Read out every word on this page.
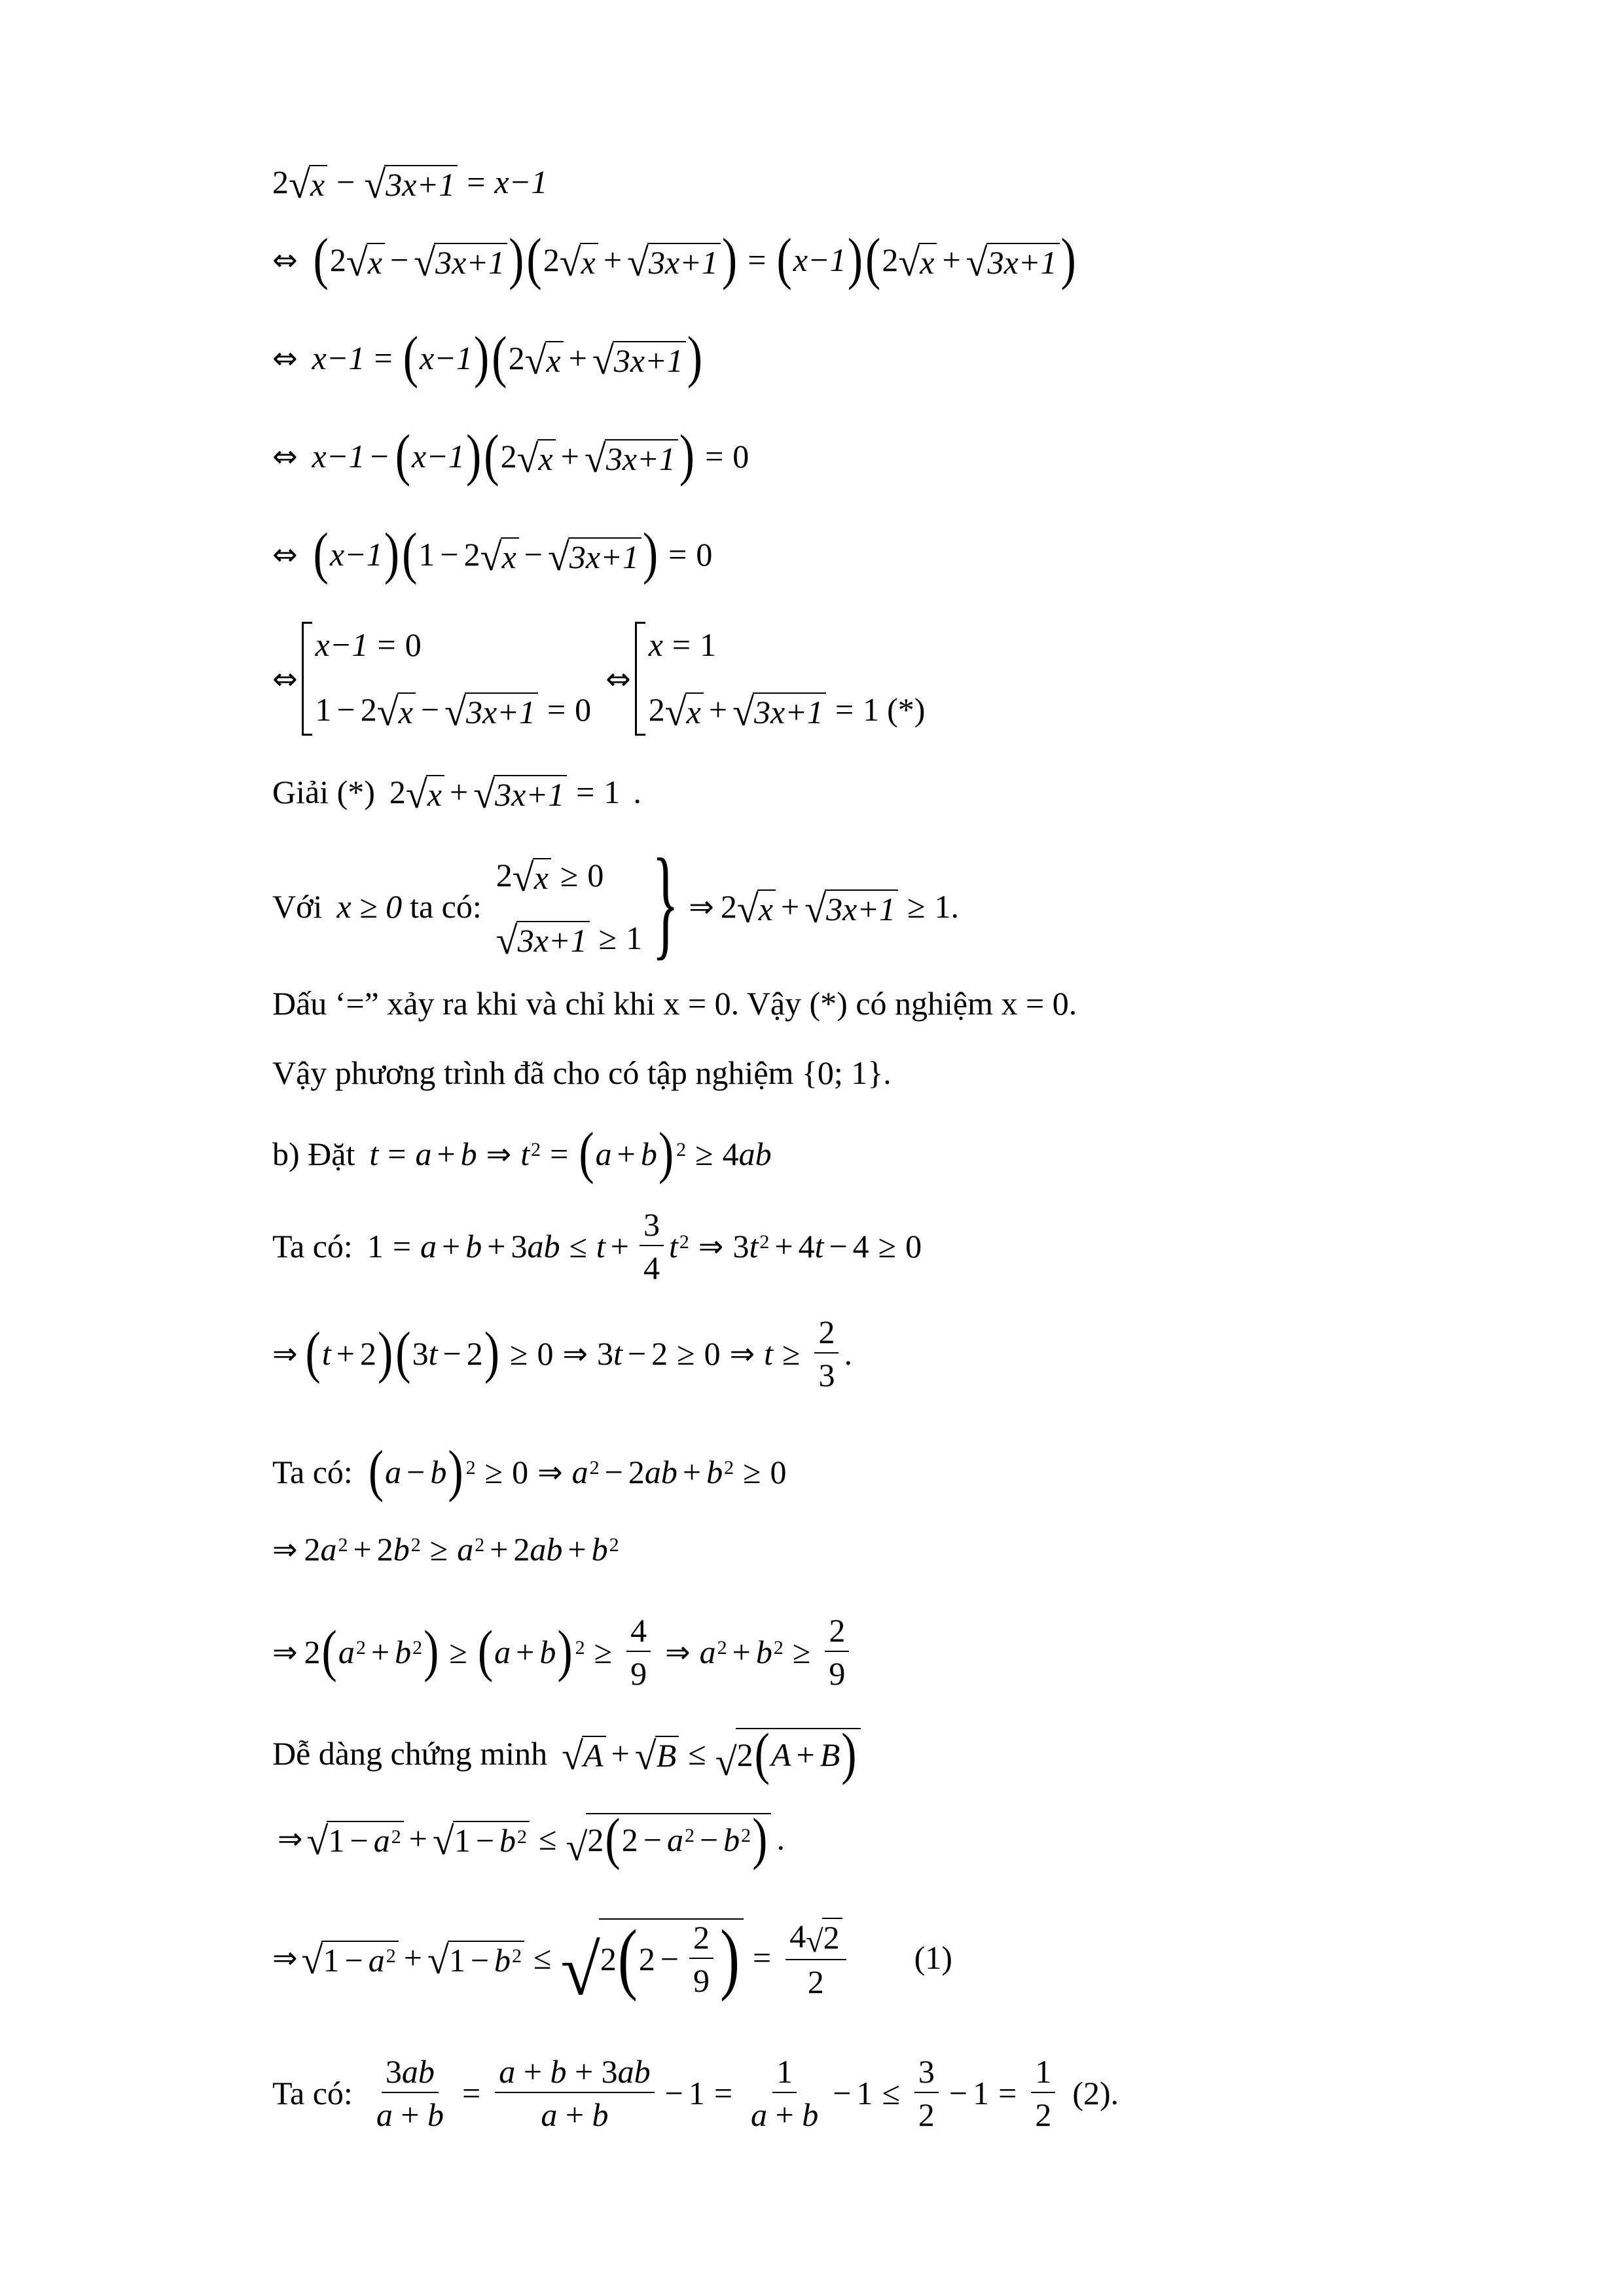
2 √ x − √ 3x+1 = x−1
⇔ ( 2 √ x − √ 3x+1 ) ( 2 √ x + √ 3x+1 ) = ( x−1 ) ( 2 √ x + √ 3x+1 )
⇔ x−1 = ( x−1 ) ( 2 √ x + √ 3x+1 )
⇔ x−1 − ( x−1 ) ( 2 √ x + √ 3x+1 ) = 0
⇔ ( x−1 ) ( 1 − 2 √ x − √ 3x+1 ) = 0
⇔
x−1 = 0
1 − 2 √ x − √ 3x+1 = 0
⇔
x = 1
2 √ x + √ 3x+1 = 1 (*)
Giải (*) 2 √ x + √ 3x+1 = 1 .
Với x ≥ 0 ta có:
2 √ x ≥ 0
√ 3x+1 ≥ 1 } ⇒ 2 √ x + √ 3x+1 ≥ 1 .
Dấu ‘=” xảy ra khi và chỉ khi x = 0. Vậy (*) có nghiệm x = 0.
Vậy phương trình đã cho có tập nghiệm {0; 1}.
b) Đặt t = a + b ⇒ t 2 = ( a + b ) 2 ≥ 4 ab
Ta có: 1 = a + b + 3 ab ≤ $t + \frac{3}{4}$ t 2 ⇒ 3 t 2 + 4 t − 4 ≥ 0
⇒ ( t + 2 ) ( 3 t − 2 ) ≥ 0 ⇒ 3 t − 2 ≥ 0 ⇒ $t \ge \frac{2}{3}$ .
Ta có: ( a − b ) 2 ≥ 0 ⇒ a 2 − 2 ab + b 2 ≥ 0
⇒ 2 a 2 + 2 b 2 ≥ a 2 + 2 ab + b 2
⇒ 2 ( a 2 + b 2 ) ≥ ( a + b ) $2 \ge \frac{4}{9}$ ⇒ a 2 + b $2 \ge \frac{2}{9}$
Dễ dàng chứng minh √ A + √ B ≤ √ 2 ( A + B )
⇒ √ 1 − a 2 + √ 1 − b 2 ≤ √ 2 ( 2 − a 2 − b 2 ) .
⇒ √ 1 − a 2 + √ 1 − b 2 ≤ √ 2 ( $2 - \frac{2}{9}$ ) = $\frac{4 √ 2}{2} (1)$
Ta có: $\frac{3ab}{a + b} = \frac{a + b + 3ab}{a + b} - 1 = \frac{1}{a + b} - 1 \le \frac{3}{2} - 1 = \frac{1}{2} (2)$.
